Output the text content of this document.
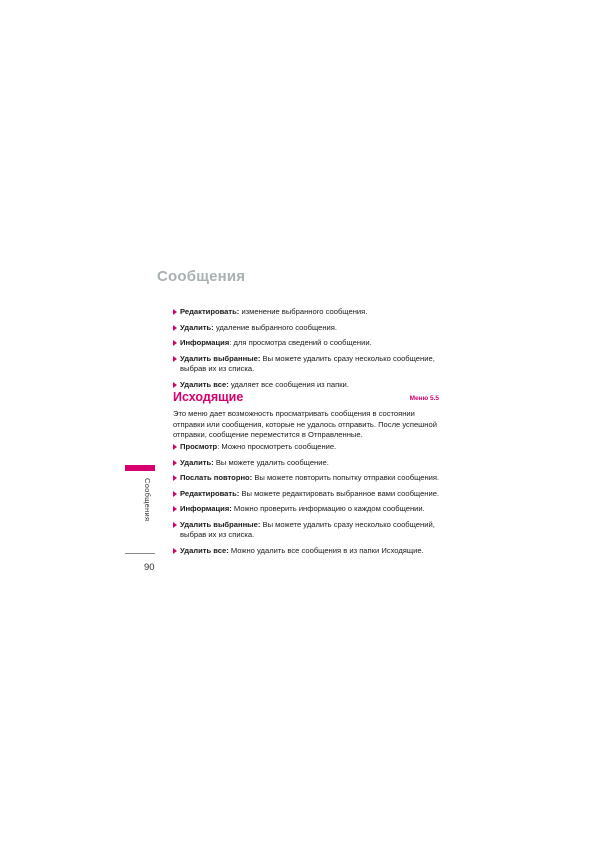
Сообщения
Редактировать: изменение выбранного сообщения.
Удалить: удаление выбранного сообщения.
Информация: для просмотра сведений о сообщении.
Удалить выбранные: Вы можете удалить сразу несколько сообщение, выбрав их из списка.
Удалить все: удаляет все сообщения из папки.
Исходящие	Меню 5.5

Это меню дает возможность просматривать сообщения в состоянии отправки или сообщения, которые не удалось отправить. После успешной отправки, сообщение переместится в Отправленные.

Просмотр: Можно просмотреть сообщение.
Удалить: Вы можете удалить сообщение.
Послать повторно: Вы можете повторить попытку отправки сообщения.
Редактировать: Вы можете редактировать выбранное вами сообщение.
Информация: Можно проверить информацию о каждом сообщении.
Удалить выбранные: Вы можете удалить сразу несколько сообщений, выбрав их из списка.
Удалить все: Можно удалить все сообщения в из папки Исходящие.
Сообщения
90
